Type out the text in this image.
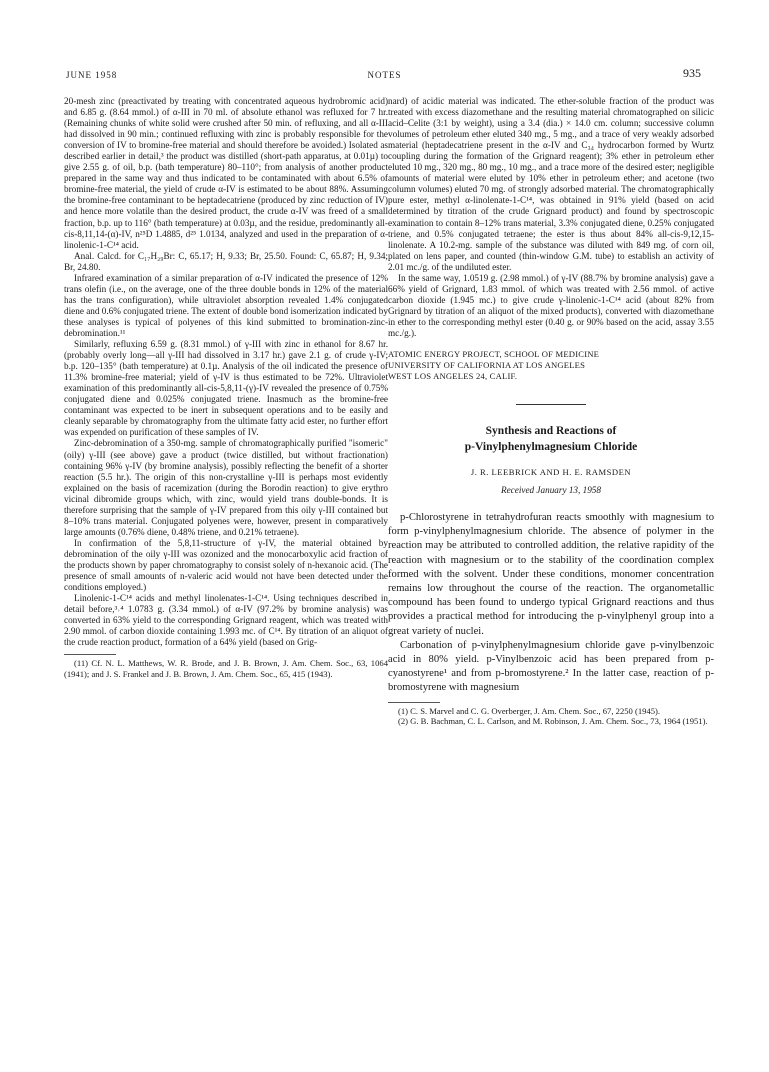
JUNE 1958	NOTES	935

20-mesh zinc (preactivated by treating with concentrated aqueous hydrobromic acid) and 6.85 g. (8.64 mmol.) of α-III in 70 ml. of absolute ethanol was refluxed for 7 hr. (Remaining chunks of white solid were crushed after 50 min. of refluxing, and all α-III had dissolved in 90 min.; continued refluxing with zinc is probably responsible for the conversion of IV to bromine-free material and should therefore be avoided.) Isolated as described earlier in detail,³ the product was distilled (short-path apparatus, at 0.01µ) to give 2.55 g. of oil, b.p. (bath temperature) 80–110°; from analysis of another product prepared in the same way and thus indicated to be contaminated with about 6.5% of bromine-free material, the yield of crude α-IV is estimated to be about 88%. Assuming the bromine-free contaminant to be heptadecatriene (produced by zinc reduction of IV) and hence more volatile than the desired product, the crude α-IV was freed of a small fraction, b.p. up to 116° (bath temperature) at 0.03µ, and the residue, predominantly all-cis-8,11,14-(α)-IV, n²⁵D 1.4885, d²⁵ 1.0134, analyzed and used in the preparation of α-linolenic-1-C¹⁴ acid.

Anal. Calcd. for C₁₇H₂₉Br: C, 65.17; H, 9.33; Br, 25.50. Found: C, 65.87; H, 9.34; Br, 24.80.

Infrared examination of a similar preparation of α-IV indicated the presence of 12% trans olefin (i.e., on the average, one of the three double bonds in 12% of the material has the trans configuration), while ultraviolet absorption revealed 1.4% conjugated diene and 0.6% conjugated triene. The extent of double bond isomerization indicated by these analyses is typical of polyenes of this kind submitted to bromination-zinc-debromination.¹¹

Similarly, refluxing 6.59 g. (8.31 mmol.) of γ-III with zinc in ethanol for 8.67 hr. (probably overly long—all γ-III had dissolved in 3.17 hr.) gave 2.1 g. of crude γ-IV; b.p. 120–135° (bath temperature) at 0.1µ. Analysis of the oil indicated the presence of 11.3% bromine-free material; yield of γ-IV is thus estimated to be 72%. Ultraviolet examination of this predominantly all-cis-5,8,11-(γ)-IV revealed the presence of 0.75% conjugated diene and 0.025% conjugated triene. Inasmuch as the bromine-free contaminant was expected to be inert in subsequent operations and to be easily and cleanly separable by chromatography from the ultimate fatty acid ester, no further effort was expended on purification of these samples of IV.

Zinc-debromination of a 350-mg. sample of chromatographically purified "isomeric" (oily) γ-III (see above) gave a product (twice distilled, but without fractionation) containing 96% γ-IV (by bromine analysis), possibly reflecting the benefit of a shorter reaction (5.5 hr.). The origin of this non-crystalline γ-III is perhaps most evidently explained on the basis of racemization (during the Borodin reaction) to give erythro vicinal dibromide groups which, with zinc, would yield trans double-bonds. It is therefore surprising that the sample of γ-IV prepared from this oily γ-III contained but 8–10% trans material. Conjugated polyenes were, however, present in comparatively large amounts (0.76% diene, 0.48% triene, and 0.21% tetraene).

In confirmation of the 5,8,11-structure of γ-IV, the material obtained by debromination of the oily γ-III was ozonized and the monocarboxylic acid fraction of the products shown by paper chromatography to consist solely of n-hexanoic acid. (The presence of small amounts of n-valeric acid would not have been detected under the conditions employed.)

Linolenic-1-C¹⁴ acids and methyl linolenates-1-C¹⁴. Using techniques described in detail before,³˒⁴ 1.0783 g. (3.34 mmol.) of α-IV (97.2% by bromine analysis) was converted in 63% yield to the corresponding Grignard reagent, which was treated with 2.90 mmol. of carbon dioxide containing 1.993 mc. of C¹⁴. By titration of an aliquot of the crude reaction product, formation of a 64% yield (based on Grig-

(11) Cf. N. L. Matthews, W. R. Brode, and J. B. Brown, J. Am. Chem. Soc., 63, 1064 (1941); and J. S. Frankel and J. B. Brown, J. Am. Chem. Soc., 65, 415 (1943).

nard) of acidic material was indicated. The ether-soluble fraction of the product was treated with excess diazomethane and the resulting material chromatographed on silicic acid–Celite (3:1 by weight), using a 3.4 (dia.) × 14.0 cm. column; successive column volumes of petroleum ether eluted 340 mg., 5 mg., and a trace of very weakly adsorbed material (heptadecatriene present in the α-IV and C₃₄ hydrocarbon formed by Wurtz coupling during the formation of the Grignard reagent); 3% ether in petroleum ether eluted 10 mg., 320 mg., 80 mg., 10 mg., and a trace more of the desired ester; negligible amounts of material were eluted by 10% ether in petroleum ether; and acetone (two column volumes) eluted 70 mg. of strongly adsorbed material. The chromatographically pure ester, methyl α-linolenate-1-C¹⁴, was obtained in 91% yield (based on acid determined by titration of the crude Grignard product) and found by spectroscopic examination to contain 8–12% trans material, 3.3% conjugated diene, 0.25% conjugated triene, and 0.5% conjugated tetraene; the ester is thus about 84% all-cis-9,12,15-linolenate. A 10.2-mg. sample of the substance was diluted with 849 mg. of corn oil, plated on lens paper, and counted (thin-window G.M. tube) to establish an activity of 2.01 mc./g. of the undiluted ester.

In the same way, 1.0519 g. (2.98 mmol.) of γ-IV (88.7% by bromine analysis) gave a 66% yield of Grignard, 1.83 mmol. of which was treated with 2.56 mmol. of active carbon dioxide (1.945 mc.) to give crude γ-linolenic-1-C¹⁴ acid (about 82% from Grignard by titration of an aliquot of the mixed products), converted with diazomethane in ether to the corresponding methyl ester (0.40 g. or 90% based on the acid, assay 3.55 mc./g.).

ATOMIC ENERGY PROJECT, SCHOOL OF MEDICINE
UNIVERSITY OF CALIFORNIA AT LOS ANGELES
WEST LOS ANGELES 24, CALIF.
Synthesis and Reactions of
p-Vinylphenylmagnesium Chloride
J. R. LEEBRICK AND H. E. RAMSDEN
Received January 13, 1958

p-Chlorostyrene in tetrahydrofuran reacts smoothly with magnesium to form p-vinylphenylmagnesium chloride. The absence of polymer in the reaction may be attributed to controlled addition, the relative rapidity of the reaction with magnesium or to the stability of the coordination complex formed with the solvent. Under these conditions, monomer concentration remains low throughout the course of the reaction. The organometallic compound has been found to undergo typical Grignard reactions and thus provides a practical method for introducing the p-vinylphenyl group into a great variety of nuclei.

Carbonation of p-vinylphenylmagnesium chloride gave p-vinylbenzoic acid in 80% yield. p-Vinylbenzoic acid has been prepared from p-cyanostyrene¹ and from p-bromostyrene.² In the latter case, reaction of p-bromostyrene with magnesium

(1) C. S. Marvel and C. G. Overberger, J. Am. Chem. Soc., 67, 2250 (1945).

(2) G. B. Bachman, C. L. Carlson, and M. Robinson, J. Am. Chem. Soc., 73, 1964 (1951).
